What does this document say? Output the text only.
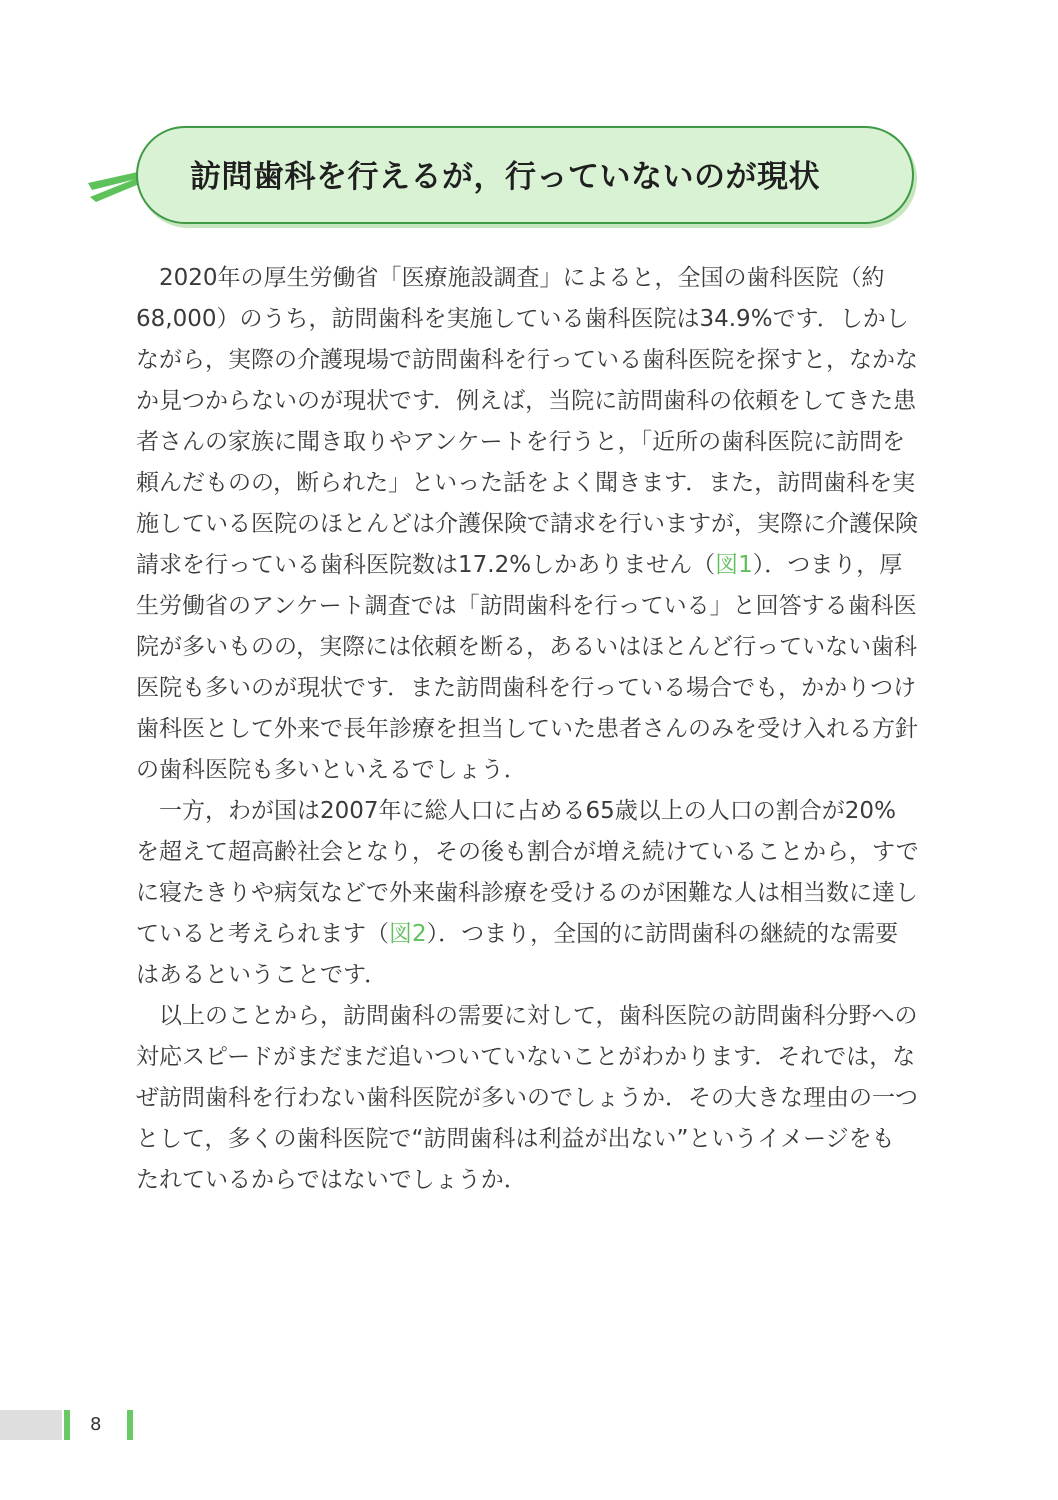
訪問歯科を行えるが，行っていないのが現状
2020年の厚生労働省「医療施設調査」によると，全国の歯科医院（約
68,000）のうち，訪問歯科を実施している歯科医院は34.9%です．しかし
ながら，実際の介護現場で訪問歯科を行っている歯科医院を探すと，なかな
か見つからないのが現状です．例えば，当院に訪問歯科の依頼をしてきた患
者さんの家族に聞き取りやアンケートを行うと，「近所の歯科医院に訪問を
頼んだものの，断られた」といった話をよく聞きます．また，訪問歯科を実
施している医院のほとんどは介護保険で請求を行いますが，実際に介護保険
請求を行っている歯科医院数は17.2%しかありません（図1）．つまり，厚
生労働省のアンケート調査では「訪問歯科を行っている」と回答する歯科医
院が多いものの，実際には依頼を断る，あるいはほとんど行っていない歯科
医院も多いのが現状です．また訪問歯科を行っている場合でも，かかりつけ
歯科医として外来で長年診療を担当していた患者さんのみを受け入れる方針
の歯科医院も多いといえるでしょう．
一方，わが国は2007年に総人口に占める65歳以上の人口の割合が20%
を超えて超高齢社会となり，その後も割合が増え続けていることから，すで
に寝たきりや病気などで外来歯科診療を受けるのが困難な人は相当数に達し
ていると考えられます（図2）．つまり，全国的に訪問歯科の継続的な需要
はあるということです．
以上のことから，訪問歯科の需要に対して，歯科医院の訪問歯科分野への
対応スピードがまだまだ追いついていないことがわかります．それでは，な
ぜ訪問歯科を行わない歯科医院が多いのでしょうか．その大きな理由の一つ
として，多くの歯科医院で“訪問歯科は利益が出ない”というイメージをも
たれているからではないでしょうか．
8
